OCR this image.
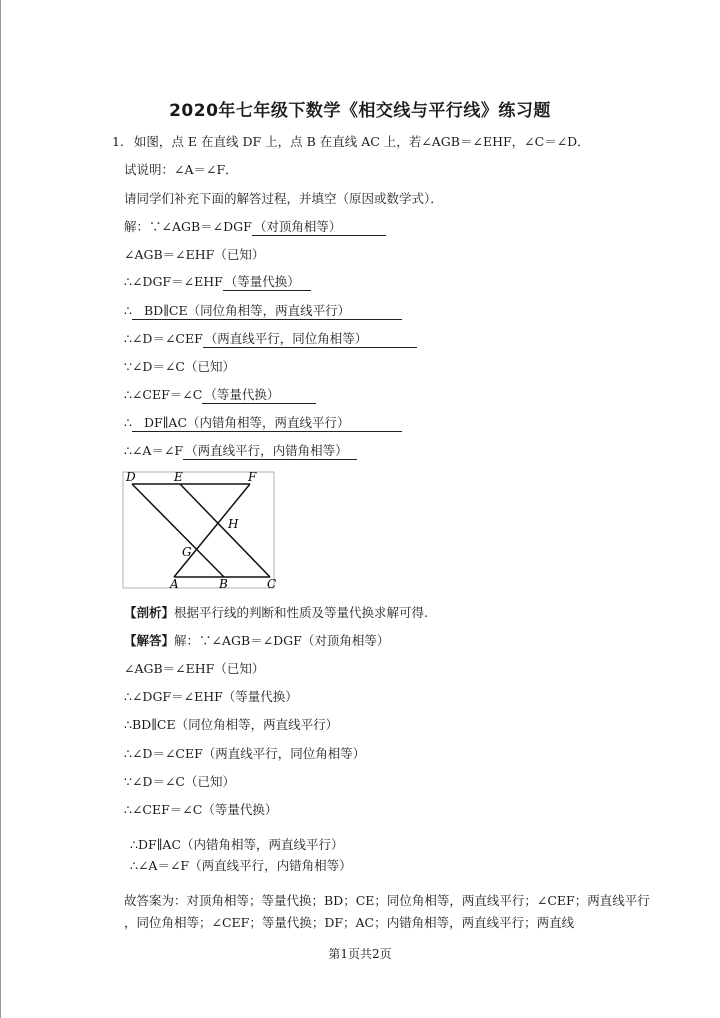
2020年七年级下数学《相交线与平行线》练习题
1. 如图，点 E 在直线 DF 上，点 B 在直线 AC 上，若∠AGB＝∠EHF，∠C＝∠D．
试说明：∠A＝∠F．
请同学们补充下面的解答过程，并填空（原因或数学式）．
解：∵∠AGB＝∠DGF （对顶角相等）
∠AGB＝∠EHF（已知）
∴∠DGF＝∠EHF （等量代换）
∴ BD∥CE（同位角相等，两直线平行）
∴∠D＝∠CEF （两直线平行，同位角相等）
∵∠D＝∠C（已知）
∴∠CEF＝∠C （等量代换）
∴ DF∥AC（内错角相等，两直线平行）
∴∠A＝∠F （两直线平行，内错角相等）
D	E	F
H
G
A	B	C
【剖析】根据平行线的判断和性质及等量代换求解可得.
【解答】解：∵∠AGB＝∠DGF（对顶角相等）
∠AGB＝∠EHF（已知）
∴∠DGF＝∠EHF（等量代换）
∴BD∥CE（同位角相等，两直线平行）
∴∠D＝∠CEF（两直线平行，同位角相等）
∵∠D＝∠C（已知）
∴∠CEF＝∠C（等量代换）
∴DF∥AC（内错角相等，两直线平行）
∴∠A＝∠F（两直线平行，内错角相等）
故答案为：对顶角相等；等量代换；BD；CE；同位角相等，两直线平行；∠CEF；两直线平行
，同位角相等；∠CEF；等量代换；DF；AC；内错角相等，两直线平行；两直线
第1页共2页
